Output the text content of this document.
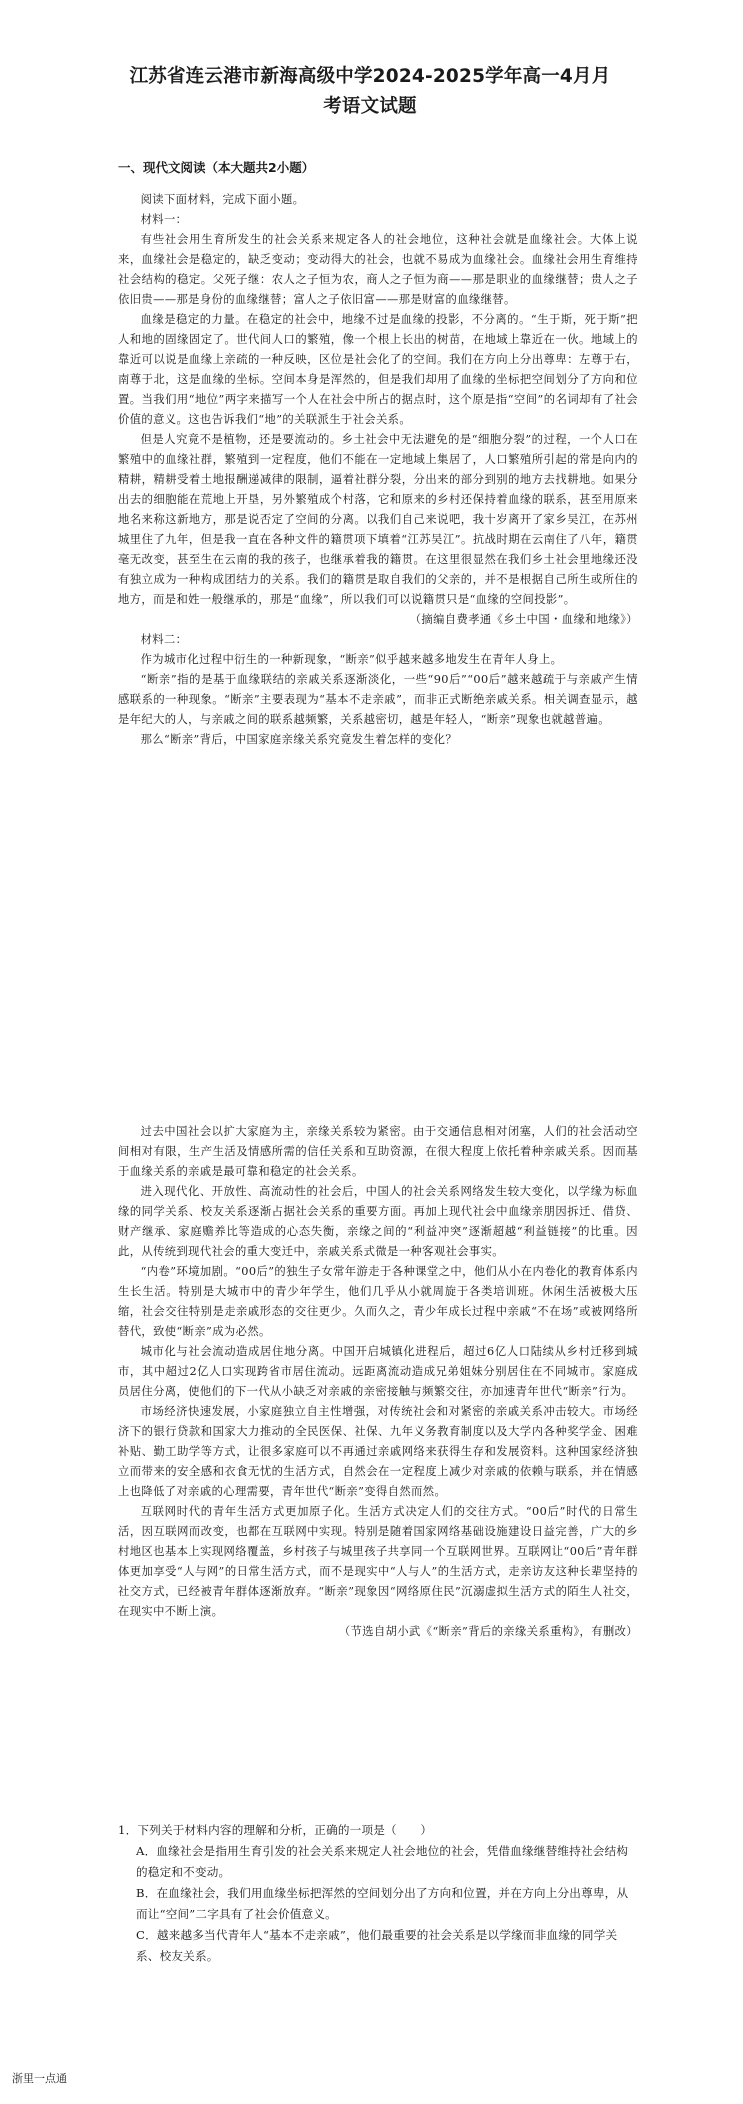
江苏省连云港市新海高级中学2024-2025学年高一4月月
考语文试题
一、现代文阅读（本大题共2小题）

阅读下面材料，完成下面小题。

材料一：

有些社会用生育所发生的社会关系来规定各人的社会地位，这种社会就是血缘社会。大体上说来，血缘社会是稳定的，缺乏变动；变动得大的社会，也就不易成为血缘社会。血缘社会用生育维持社会结构的稳定。父死子继：农人之子恒为农，商人之子恒为商——那是职业的血缘继替；贵人之子依旧贵——那是身份的血缘继替；富人之子依旧富——那是财富的血缘继替。

血缘是稳定的力量。在稳定的社会中，地缘不过是血缘的投影，不分离的。“生于斯，死于斯”把人和地的固缘固定了。世代间人口的繁殖，像一个根上长出的树苗，在地域上靠近在一伙。地域上的靠近可以说是血缘上亲疏的一种反映，区位是社会化了的空间。我们在方向上分出尊卑：左尊于右，南尊于北，这是血缘的坐标。空间本身是浑然的，但是我们却用了血缘的坐标把空间划分了方向和位置。当我们用“地位”两字来描写一个人在社会中所占的据点时，这个原是指“空间”的名词却有了社会价值的意义。这也告诉我们“地”的关联派生于社会关系。

但是人究竟不是植物，还是要流动的。乡土社会中无法避免的是“细胞分裂”的过程，一个人口在繁殖中的血缘社群，繁殖到一定程度，他们不能在一定地域上集居了，人口繁殖所引起的常是向内的精耕，精耕受着土地报酬递减律的限制，逼着社群分裂，分出来的部分到别的地方去找耕地。如果分出去的细胞能在荒地上开垦，另外繁殖成个村落，它和原来的乡村还保持着血缘的联系，甚至用原来地名来称这新地方，那是说否定了空间的分离。以我们自己来说吧，我十岁离开了家乡吴江，在苏州城里住了九年，但是我一直在各种文件的籍贯项下填着“江苏吴江”。抗战时期在云南住了八年，籍贯毫无改变，甚至生在云南的我的孩子，也继承着我的籍贯。在这里很显然在我们乡土社会里地缘还没有独立成为一种构成团结力的关系。我们的籍贯是取自我们的父亲的，并不是根据自己所生或所住的地方，而是和姓一般继承的，那是“血缘”，所以我们可以说籍贯只是“血缘的空间投影”。

（摘编自费孝通《乡土中国・血缘和地缘》）

材料二：

作为城市化过程中衍生的一种新现象，“断亲”似乎越来越多地发生在青年人身上。

“断亲”指的是基于血缘联结的亲戚关系逐渐淡化，一些“90后”“00后”越来越疏于与亲戚产生情感联系的一种现象。“断亲”主要表现为“基本不走亲戚”，而非正式断绝亲戚关系。相关调查显示，越是年纪大的人，与亲戚之间的联系越频繁，关系越密切，越是年轻人，“断亲”现象也就越普遍。

那么“断亲”背后，中国家庭亲缘关系究竟发生着怎样的变化？

过去中国社会以扩大家庭为主，亲缘关系较为紧密。由于交通信息相对闭塞，人们的社会活动空间相对有限，生产生活及情感所需的信任关系和互助资源，在很大程度上依托着种亲戚关系。因而基于血缘关系的亲戚是最可靠和稳定的社会关系。

进入现代化、开放性、高流动性的社会后，中国人的社会关系网络发生较大变化，以学缘为标血缘的同学关系、校友关系逐渐占据社会关系的重要方面。再加上现代社会中血缘亲朋因拆迁、借贷、财产继承、家庭赡养比等造成的心态失衡，亲缘之间的“利益冲突”逐渐超越“利益链接”的比重。因此，从传统到现代社会的重大变迁中，亲戚关系式微是一种客观社会事实。

“内卷”环境加剧。“00后”的独生子女常年游走于各种课堂之中，他们从小在内卷化的教育体系内生长生活。特别是大城市中的青少年学生，他们几乎从小就周旋于各类培训班。休闲生活被极大压缩，社会交往特别是走亲戚形态的交往更少。久而久之，青少年成长过程中亲戚“不在场”或被网络所替代，致使“断亲”成为必然。

城市化与社会流动造成居住地分离。中国开启城镇化进程后，超过6亿人口陆续从乡村迁移到城市，其中超过2亿人口实现跨省市居住流动。远距离流动造成兄弟姐妹分别居住在不同城市。家庭成员居住分离，使他们的下一代从小缺乏对亲戚的亲密接触与频繁交往，亦加速青年世代“断亲”行为。

市场经济快速发展，小家庭独立自主性增强，对传统社会和对紧密的亲戚关系冲击较大。市场经济下的银行贷款和国家大力推动的全民医保、社保、九年义务教育制度以及大学内各种奖学金、困难补贴、勤工助学等方式，让很多家庭可以不再通过亲戚网络来获得生存和发展资料。这种国家经济独立而带来的安全感和衣食无忧的生活方式，自然会在一定程度上减少对亲戚的依赖与联系，并在情感上也降低了对亲戚的心理需要，青年世代“断亲”变得自然而然。

互联网时代的青年生活方式更加原子化。生活方式决定人们的交往方式。“00后”时代的日常生活，因互联网而改变，也都在互联网中实现。特别是随着国家网络基础设施建设日益完善，广大的乡村地区也基本上实现网络覆盖，乡村孩子与城里孩子共享同一个互联网世界。互联网让“00后”青年群体更加享受“人与网”的日常生活方式，而不是现实中“人与人”的生活方式，走亲访友这种长辈坚持的社交方式，已经被青年群体逐渐放弃。“断亲”现象因“网络原住民”沉溺虚拟生活方式的陌生人社交，在现实中不断上演。

（节选自胡小武《“断亲”背后的亲缘关系重构》，有删改）

1．下列关于材料内容的理解和分析，正确的一项是（　　）

A．血缘社会是指用生育引发的社会关系来规定人社会地位的社会，凭借血缘继替维持社会结构的稳定和不变动。

B．在血缘社会，我们用血缘坐标把浑然的空间划分出了方向和位置，并在方向上分出尊卑，从而让“空间”二字具有了社会价值意义。

C．越来越多当代青年人“基本不走亲戚”，他们最重要的社会关系是以学缘而非血缘的同学关系、校友关系。

浙里一点通
